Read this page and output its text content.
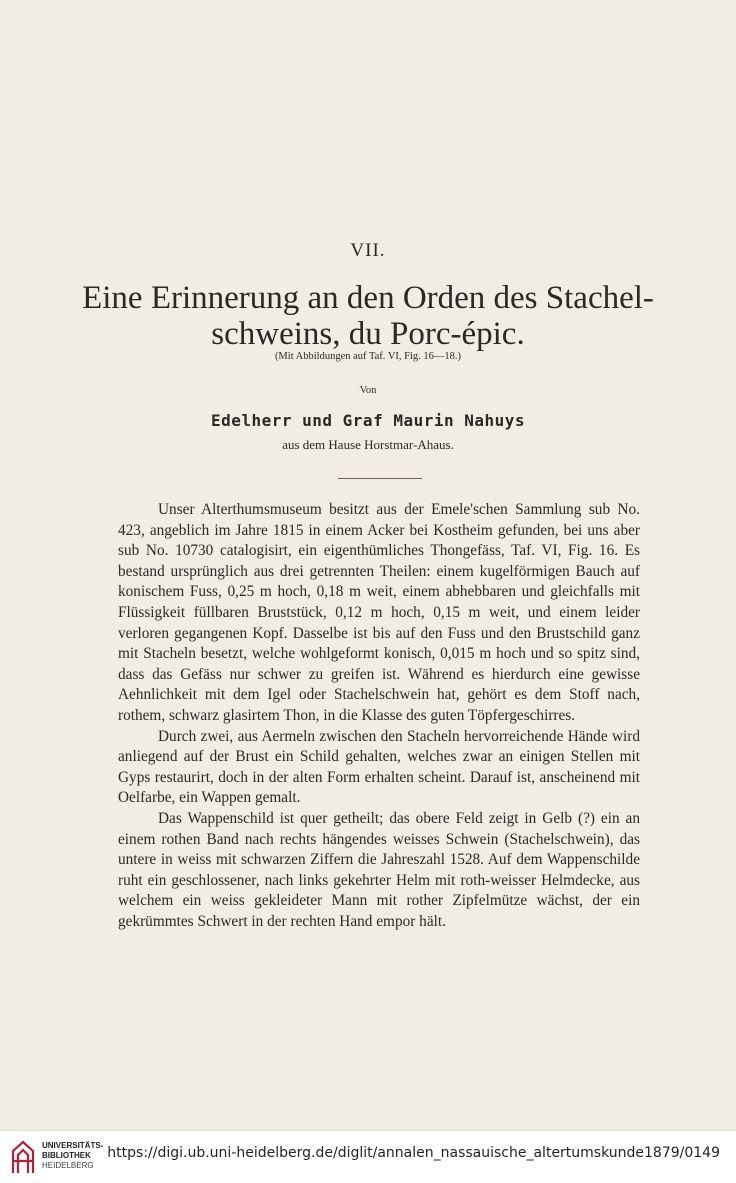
VII.
Eine Erinnerung an den Orden des Stachel-
schweins, du Porc-épic.
(Mit Abbildungen auf Taf. VI, Fig. 16—18.)
Von
Edelherr und Graf Maurin Nahuys
aus dem Hause Horstmar-Ahaus.

Unser Alterthumsmuseum besitzt aus der Emele'schen Sammlung sub No. 423, angeblich im Jahre 1815 in einem Acker bei Kostheim gefunden, bei uns aber sub No. 10730 catalogisirt, ein eigenthümliches Thongefäss, Taf. VI, Fig. 16. Es bestand ursprünglich aus drei getrennten Theilen: einem kugelförmigen Bauch auf konischem Fuss, 0,25 m hoch, 0,18 m weit, einem abhebbaren und gleichfalls mit Flüssigkeit füllbaren Bruststück, 0,12 m hoch, 0,15 m weit, und einem leider verloren gegangenen Kopf. Dasselbe ist bis auf den Fuss und den Brustschild ganz mit Stacheln besetzt, welche wohlgeformt konisch, 0,015 m hoch und so spitz sind, dass das Gefäss nur schwer zu greifen ist. Während es hierdurch eine gewisse Aehnlichkeit mit dem Igel oder Stachelschwein hat, gehört es dem Stoff nach, rothem, schwarz glasirtem Thon, in die Klasse des guten Töpfergeschirres.

Durch zwei, aus Aermeln zwischen den Stacheln hervorreichende Hände wird anliegend auf der Brust ein Schild gehalten, welches zwar an einigen Stellen mit Gyps restaurirt, doch in der alten Form erhalten scheint. Darauf ist, anscheinend mit Oelfarbe, ein Wappen gemalt.

Das Wappenschild ist quer getheilt; das obere Feld zeigt in Gelb (?) ein an einem rothen Band nach rechts hängendes weisses Schwein (Stachelschwein), das untere in weiss mit schwarzen Ziffern die Jahreszahl 1528. Auf dem Wappenschilde ruht ein geschlossener, nach links gekehrter Helm mit roth-weisser Helmdecke, aus welchem ein weiss gekleideter Mann mit rother Zipfelmütze wächst, der ein gekrümmtes Schwert in der rechten Hand empor hält.

UNIVERSITÄTS-
BIBLIOTHEK
HEIDELBERG
https://digi.ub.uni-heidelberg.de/diglit/annalen_nassauische_altertumskunde1879/0149
